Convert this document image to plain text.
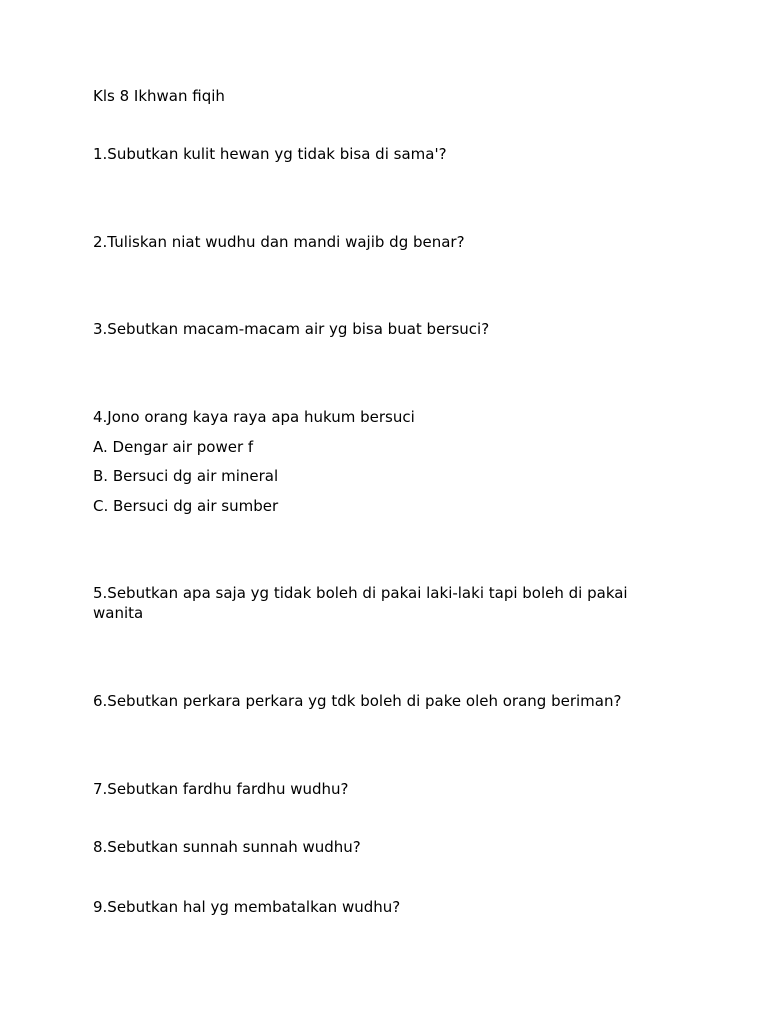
Kls 8 Ikhwan fiqih

1.Subutkan kulit hewan yg tidak bisa di sama'?

2.Tuliskan niat wudhu dan mandi wajib dg benar?

3.Sebutkan macam-macam air yg bisa buat bersuci?

4.Jono orang kaya raya apa hukum bersuci

A. Dengar air power f

B. Bersuci dg air mineral

C. Bersuci dg air sumber

5.Sebutkan apa saja yg tidak boleh di pakai laki-laki tapi boleh di pakai wanita

6.Sebutkan perkara perkara yg tdk boleh di pake oleh orang beriman?

7.Sebutkan fardhu fardhu wudhu?

8.Sebutkan sunnah sunnah wudhu?

9.Sebutkan hal yg membatalkan wudhu?
